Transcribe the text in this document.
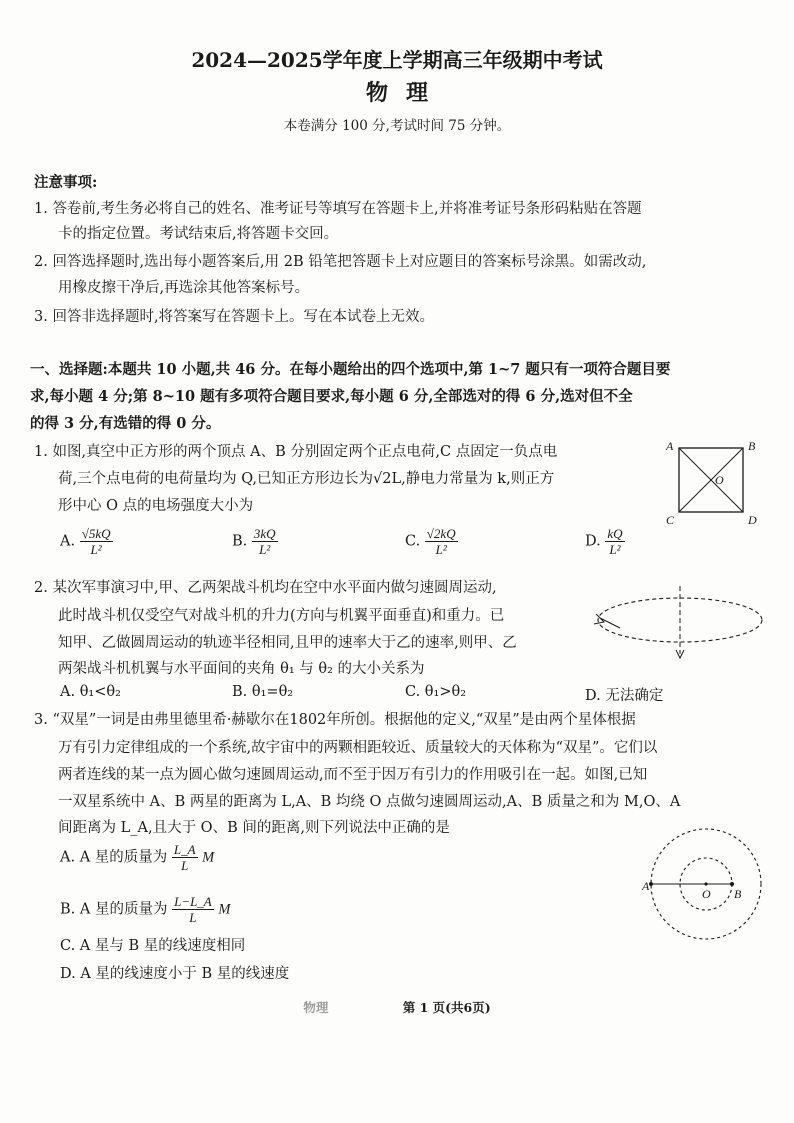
2024—2025学年度上学期高三年级期中考试
物理
本卷满分 100 分,考试时间 75 分钟。
注意事项:
1. 答卷前,考生务必将自己的姓名、准考证号等填写在答题卡上,并将准考证号条形码粘贴在答题
卡的指定位置。考试结束后,将答题卡交回。
2. 回答选择题时,选出每小题答案后,用 2B 铅笔把答题卡上对应题目的答案标号涂黑。如需改动,
用橡皮擦干净后,再选涂其他答案标号。
3. 回答非选择题时,将答案写在答题卡上。写在本试卷上无效。
一、选择题:本题共 10 小题,共 46 分。在每小题给出的四个选项中,第 1~7 题只有一项符合题目要
求,每小题 4 分;第 8~10 题有多项符合题目要求,每小题 6 分,全部选对的得 6 分,选对但不全
的得 3 分,有选错的得 0 分。
1. 如图,真空中正方形的两个顶点 A、B 分别固定两个正点电荷,C 点固定一负点电
荷,三个点电荷的电荷量均为 Q,已知正方形边长为√2L,静电力常量为 k,则正方
形中心 O 点的电场强度大小为
A. $\frac{√5kQ}{\text{L²}}$	B. $\frac{3kQ}{\text{L²}}$	C. $\frac{√2kQ}{\text{L²}}$	D. $\frac{kQ}{\text{L²}}$
A	B
C	D
O
2. 某次军事演习中,甲、乙两架战斗机均在空中水平面内做匀速圆周运动,
此时战斗机仅受空气对战斗机的升力(方向与机翼平面垂直)和重力。已
知甲、乙做圆周运动的轨迹半径相同,且甲的速率大于乙的速率,则甲、乙
两架战斗机机翼与水平面间的夹角 θ₁ 与 θ₂ 的大小关系为
A. θ₁<θ₂	B. θ₁=θ₂	C. θ₁>θ₂	D. 无法确定
3. “双星”一词是由弗里德里希·赫歇尔在1802年所创。根据他的定义,“双星”是由两个星体根据
万有引力定律组成的一个系统,故宇宙中的两颗相距较近、质量较大的天体称为“双星”。它们以
两者连线的某一点为圆心做匀速圆周运动,而不至于因万有引力的作用吸引在一起。如图,已知
一双星系统中 A、B 两星的距离为 L,A、B 均绕 O 点做匀速圆周运动,A、B 质量之和为 M,O、A
间距离为 L_A,且大于 O、B 间的距离,则下列说法中正确的是
A. A 星的质量为 $\frac{L\_A}{L}$ M
B. A 星的质量为 $\frac{L-L\_A}{L}$ M
C. A 星与 B 星的线速度相同
D. A 星的线速度小于 B 星的线速度
A
O B
物理	第 1 页(共6页)
